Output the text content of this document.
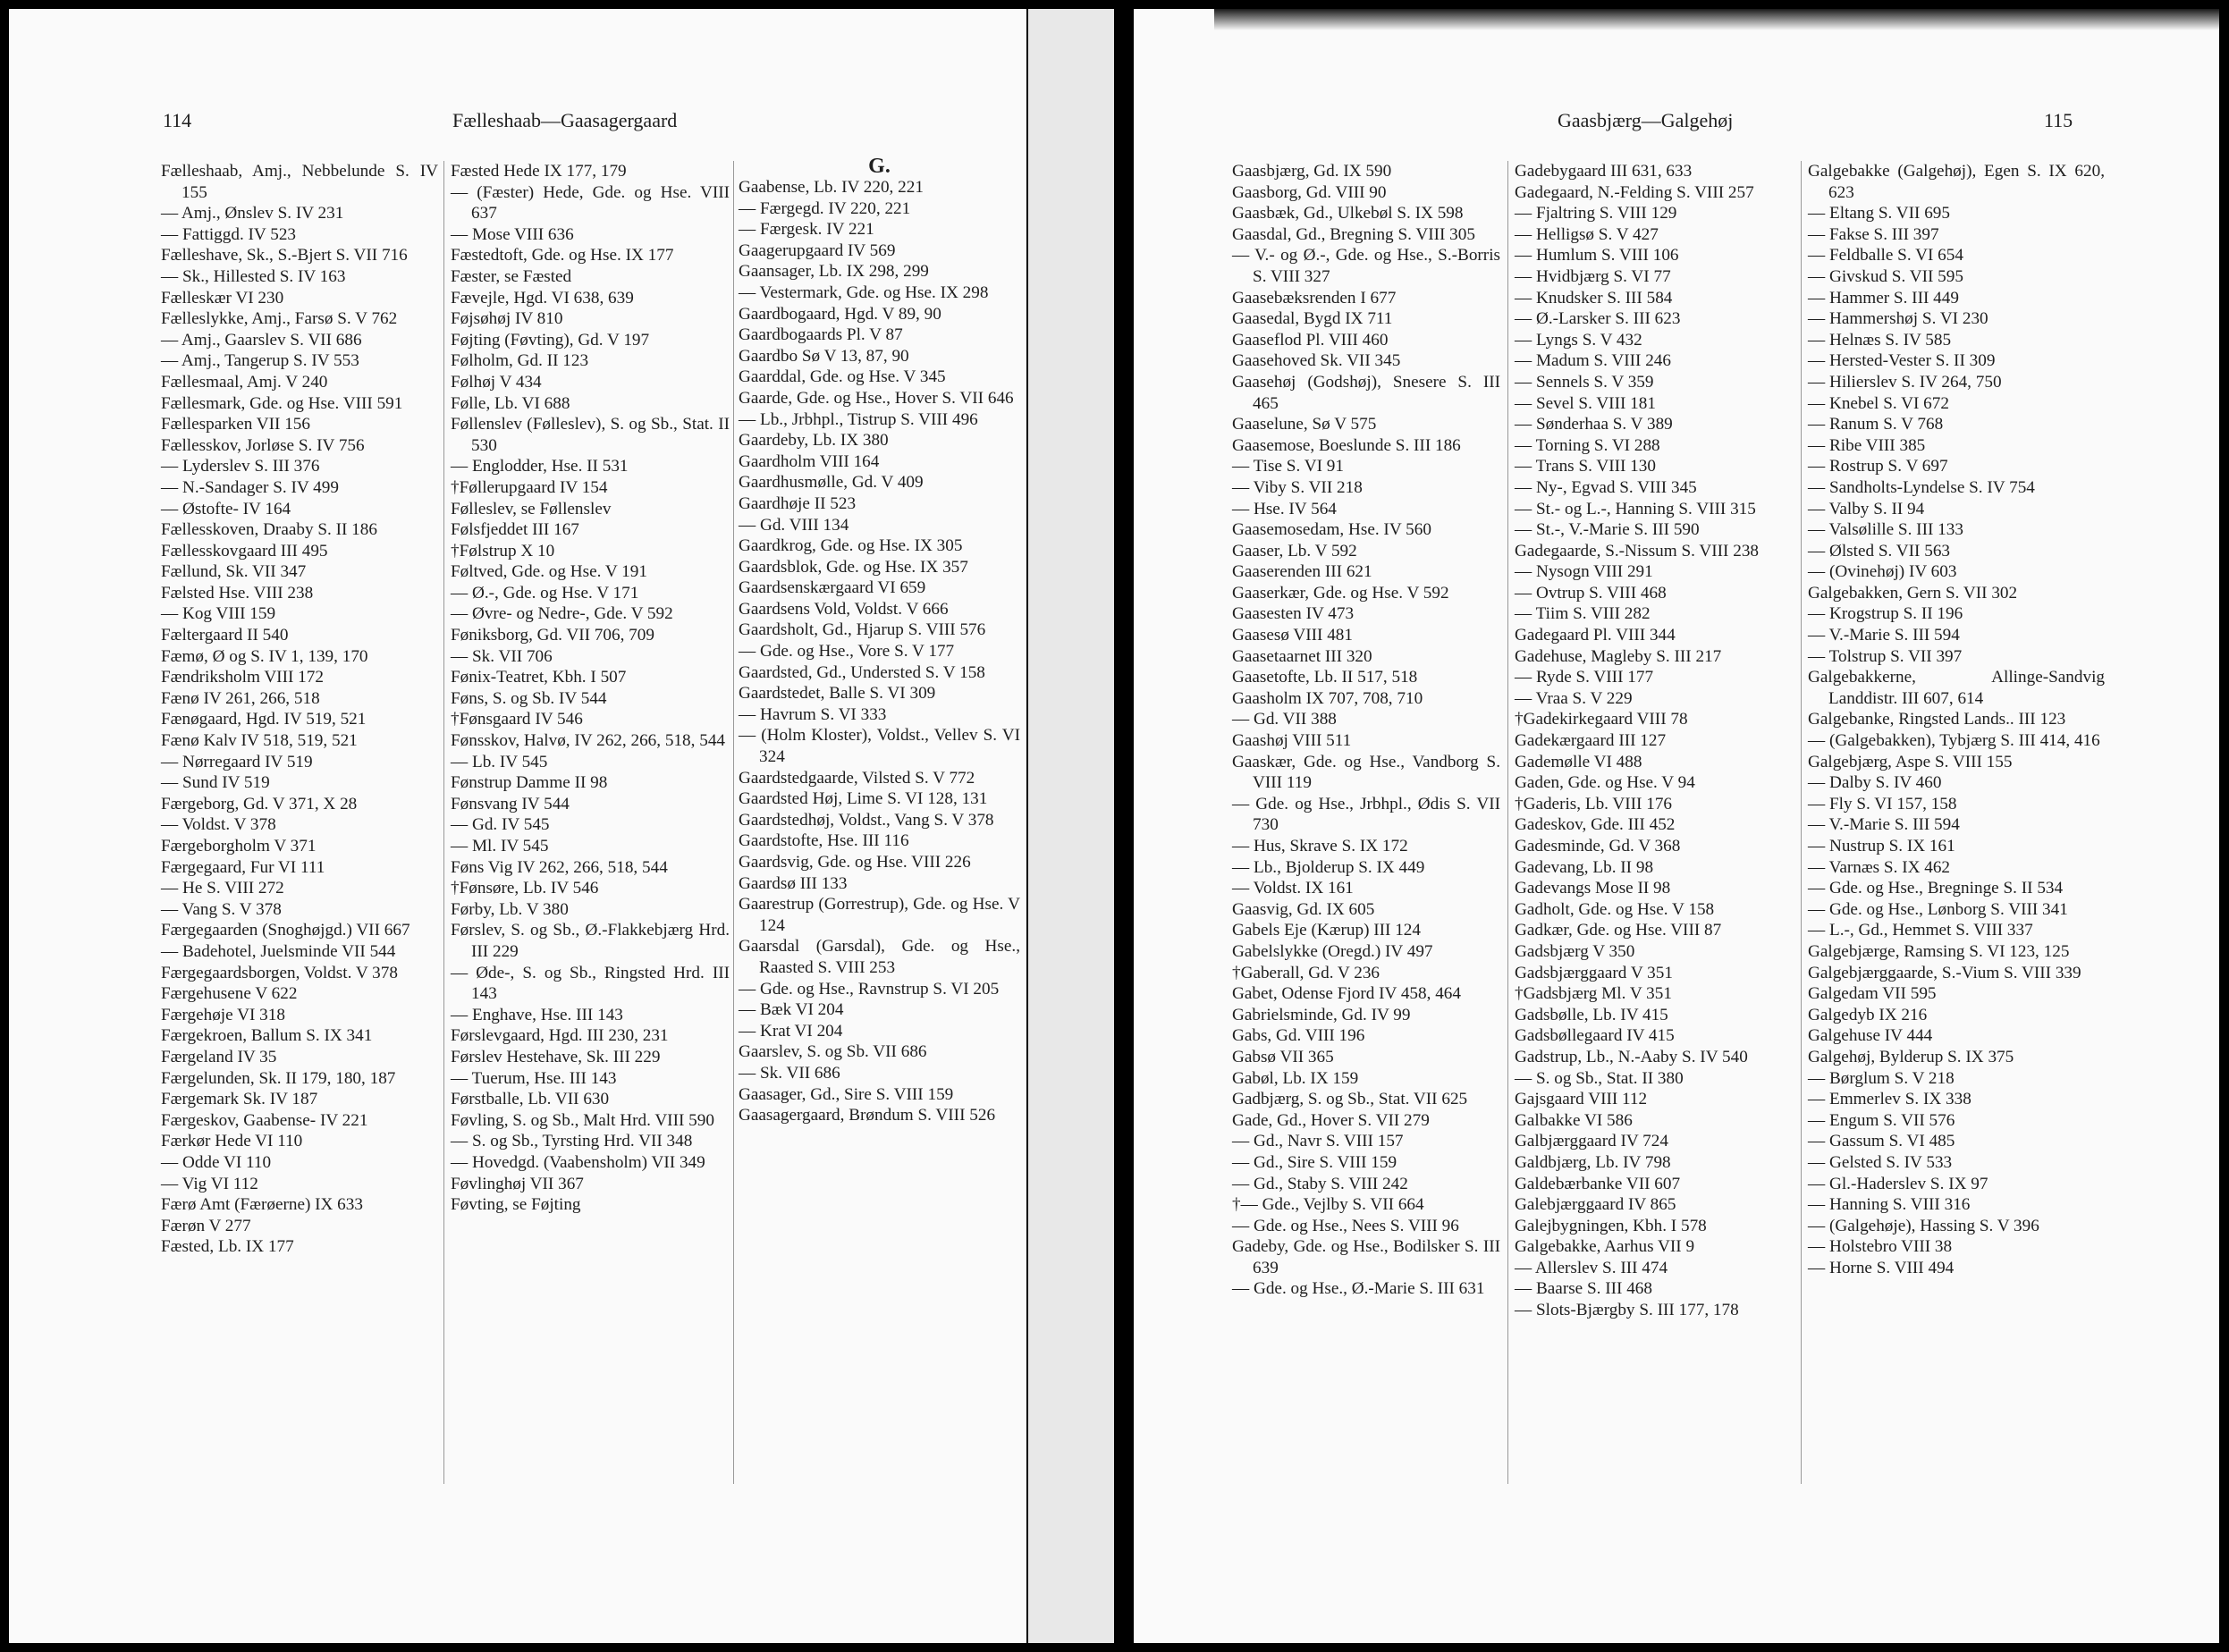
114	Fælleshaab—Gaasagergaard
Fælleshaab, Amj., Nebbelunde S. IV 155
— Amj., Ønslev S. IV 231
— Fattiggd. IV 523
Fælleshave, Sk., S.-Bjert S. VII 716
— Sk., Hillested S. IV 163
Fælleskær VI 230
Fælleslykke, Amj., Farsø S. V 762
— Amj., Gaarslev S. VII 686
— Amj., Tangerup S. IV 553
Fællesmaal, Amj. V 240
Fællesmark, Gde. og Hse. VIII 591
Fællesparken VII 156
Fællesskov, Jorløse S. IV 756
— Lyderslev S. III 376
— N.-Sandager S. IV 499
— Østofte- IV 164
Fællesskoven, Draaby S. II 186
Fællesskovgaard III 495
Fællund, Sk. VII 347
Fælsted Hse. VIII 238
— Kog VIII 159
Fæltergaard II 540
Fæmø, Ø og S. IV 1, 139, 170
Fændriksholm VIII 172
Fænø IV 261, 266, 518
Fænøgaard, Hgd. IV 519, 521
Fænø Kalv IV 518, 519, 521
— Nørregaard IV 519
— Sund IV 519
Færgeborg, Gd. V 371, X 28
— Voldst. V 378
Færgeborgholm V 371
Færgegaard, Fur VI 111
— He S. VIII 272
— Vang S. V 378
Færgegaarden (Snoghøjgd.) VII 667
— Badehotel, Juelsminde VII 544
Færgegaardsborgen, Voldst. V 378
Færgehusene V 622
Færgehøje VI 318
Færgekroen, Ballum S. IX 341
Færgeland IV 35
Færgelunden, Sk. II 179, 180, 187
Færgemark Sk. IV 187
Færgeskov, Gaabense- IV 221
Færkør Hede VI 110
— Odde VI 110
— Vig VI 112
Færø Amt (Færøerne) IX 633
Færøn V 277
Fæsted, Lb. IX 177
Fæsted Hede IX 177, 179
— (Fæster) Hede, Gde. og Hse. VIII 637
— Mose VIII 636
Fæstedtoft, Gde. og Hse. IX 177
Fæster, se Fæsted
Fævejle, Hgd. VI 638, 639
Føjsøhøj IV 810
Føjting (Føvting), Gd. V 197
Følholm, Gd. II 123
Følhøj V 434
Følle, Lb. VI 688
Føllenslev (Følleslev), S. og Sb., Stat. II 530
— Englodder, Hse. II 531
†Føllerupgaard IV 154
Følleslev, se Føllenslev
Følsfjeddet III 167
†Følstrup X 10
Føltved, Gde. og Hse. V 191
— Ø.-, Gde. og Hse. V 171
— Øvre- og Nedre-, Gde. V 592
Føniksborg, Gd. VII 706, 709
— Sk. VII 706
Fønix-Teatret, Kbh. I 507
Føns, S. og Sb. IV 544
†Fønsgaard IV 546
Fønsskov, Halvø, IV 262, 266, 518, 544
— Lb. IV 545
Fønstrup Damme II 98
Fønsvang IV 544
— Gd. IV 545
— Ml. IV 545
Føns Vig IV 262, 266, 518, 544
†Fønsøre, Lb. IV 546
Førby, Lb. V 380
Førslev, S. og Sb., Ø.-Flakkebjærg Hrd. III 229
— Øde-, S. og Sb., Ringsted Hrd. III 143
— Enghave, Hse. III 143
Førslevgaard, Hgd. III 230, 231
Førslev Hestehave, Sk. III 229
— Tuerum, Hse. III 143
Førstballe, Lb. VII 630
Føvling, S. og Sb., Malt Hrd. VIII 590
— S. og Sb., Tyrsting Hrd. VII 348
— Hovedgd. (Vaabensholm) VII 349
Føvlinghøj VII 367
Føvting, se Føjting
G.
Gaabense, Lb. IV 220, 221
— Færgegd. IV 220, 221
— Færgesk. IV 221
Gaagerupgaard IV 569
Gaansager, Lb. IX 298, 299
— Vestermark, Gde. og Hse. IX 298
Gaardbogaard, Hgd. V 89, 90
Gaardbogaards Pl. V 87
Gaardbo Sø V 13, 87, 90
Gaarddal, Gde. og Hse. V 345
Gaarde, Gde. og Hse., Hover S. VII 646
— Lb., Jrbhpl., Tistrup S. VIII 496
Gaardeby, Lb. IX 380
Gaardholm VIII 164
Gaardhusmølle, Gd. V 409
Gaardhøje II 523
— Gd. VIII 134
Gaardkrog, Gde. og Hse. IX 305
Gaardsblok, Gde. og Hse. IX 357
Gaardsenskærgaard VI 659
Gaardsens Vold, Voldst. V 666
Gaardsholt, Gd., Hjarup S. VIII 576
— Gde. og Hse., Vore S. V 177
Gaardsted, Gd., Understed S. V 158
Gaardstedet, Balle S. VI 309
— Havrum S. VI 333
— (Holm Kloster), Voldst., Vellev S. VI 324
Gaardstedgaarde, Vilsted S. V 772
Gaardsted Høj, Lime S. VI 128, 131
Gaardstedhøj, Voldst., Vang S. V 378
Gaardstofte, Hse. III 116
Gaardsvig, Gde. og Hse. VIII 226
Gaardsø III 133
Gaarestrup (Gorrestrup), Gde. og Hse. V 124
Gaarsdal (Garsdal), Gde. og Hse., Raasted S. VIII 253
— Gde. og Hse., Ravnstrup S. VI 205
— Bæk VI 204
— Krat VI 204
Gaarslev, S. og Sb. VII 686
— Sk. VII 686
Gaasager, Gd., Sire S. VIII 159
Gaasagergaard, Brøndum S. VIII 526
Gaasbjærg—Galgehøj	115
Gaasbjærg, Gd. IX 590
Gaasborg, Gd. VIII 90
Gaasbæk, Gd., Ulkebøl S. IX 598
Gaasdal, Gd., Bregning S. VIII 305
— V.- og Ø.-, Gde. og Hse., S.-Borris S. VIII 327
Gaasebæksrenden I 677
Gaasedal, Bygd IX 711
Gaaseflod Pl. VIII 460
Gaasehoved Sk. VII 345
Gaasehøj (Godshøj), Snesere S. III 465
Gaaselune, Sø V 575
Gaasemose, Boeslunde S. III 186
— Tise S. VI 91
— Viby S. VII 218
— Hse. IV 564
Gaasemosedam, Hse. IV 560
Gaaser, Lb. V 592
Gaaserenden III 621
Gaaserkær, Gde. og Hse. V 592
Gaasesten IV 473
Gaasesø VIII 481
Gaasetaarnet III 320
Gaasetofte, Lb. II 517, 518
Gaasholm IX 707, 708, 710
— Gd. VII 388
Gaashøj VIII 511
Gaaskær, Gde. og Hse., Vandborg S. VIII 119
— Gde. og Hse., Jrbhpl., Ødis S. VII 730
— Hus, Skrave S. IX 172
— Lb., Bjolderup S. IX 449
— Voldst. IX 161
Gaasvig, Gd. IX 605
Gabels Eje (Kærup) III 124
Gabelslykke (Oregd.) IV 497
†Gaberall, Gd. V 236
Gabet, Odense Fjord IV 458, 464
Gabrielsminde, Gd. IV 99
Gabs, Gd. VIII 196
Gabsø VII 365
Gabøl, Lb. IX 159
Gadbjærg, S. og Sb., Stat. VII 625
Gade, Gd., Hover S. VII 279
— Gd., Navr S. VIII 157
— Gd., Sire S. VIII 159
— Gd., Staby S. VIII 242
†— Gde., Vejlby S. VII 664
— Gde. og Hse., Nees S. VIII 96
Gadeby, Gde. og Hse., Bodilsker S. III 639
— Gde. og Hse., Ø.-Marie S. III 631
Gadebygaard III 631, 633
Gadegaard, N.-Felding S. VIII 257
— Fjaltring S. VIII 129
— Helligsø S. V 427
— Humlum S. VIII 106
— Hvidbjærg S. VI 77
— Knudsker S. III 584
— Ø.-Larsker S. III 623
— Lyngs S. V 432
— Madum S. VIII 246
— Sennels S. V 359
— Sevel S. VIII 181
— Sønderhaa S. V 389
— Torning S. VI 288
— Trans S. VIII 130
— Ny-, Egvad S. VIII 345
— St.- og L.-, Hanning S. VIII 315
— St.-, V.-Marie S. III 590
Gadegaarde, S.-Nissum S. VIII 238
— Nysogn VIII 291
— Ovtrup S. VIII 468
— Tiim S. VIII 282
Gadegaard Pl. VIII 344
Gadehuse, Magleby S. III 217
— Ryde S. VIII 177
— Vraa S. V 229
†Gadekirkegaard VIII 78
Gadekærgaard III 127
Gademølle VI 488
Gaden, Gde. og Hse. V 94
†Gaderis, Lb. VIII 176
Gadeskov, Gde. III 452
Gadesminde, Gd. V 368
Gadevang, Lb. II 98
Gadevangs Mose II 98
Gadholt, Gde. og Hse. V 158
Gadkær, Gde. og Hse. VIII 87
Gadsbjærg V 350
Gadsbjærggaard V 351
†Gadsbjærg Ml. V 351
Gadsbølle, Lb. IV 415
Gadsbøllegaard IV 415
Gadstrup, Lb., N.-Aaby S. IV 540
— S. og Sb., Stat. II 380
Gajsgaard VIII 112
Galbakke VI 586
Galbjærggaard IV 724
Galdbjærg, Lb. IV 798
Galdebærbanke VII 607
Galebjærggaard IV 865
Galejbygningen, Kbh. I 578
Galgebakke, Aarhus VII 9
— Allerslev S. III 474
— Baarse S. III 468
— Slots-Bjærgby S. III 177, 178
Galgebakke (Galgehøj), Egen S. IX 620, 623
— Eltang S. VII 695
— Fakse S. III 397
— Feldballe S. VI 654
— Givskud S. VII 595
— Hammer S. III 449
— Hammershøj S. VI 230
— Helnæs S. IV 585
— Hersted-Vester S. II 309
— Hilierslev S. IV 264, 750
— Knebel S. VI 672
— Ranum S. V 768
— Ribe VIII 385
— Rostrup S. V 697
— Sandholts-Lyndelse S. IV 754
— Valby S. II 94
— Valsølille S. III 133
— Ølsted S. VII 563
— (Ovinehøj) IV 603
Galgebakken, Gern S. VII 302
— Krogstrup S. II 196
— V.-Marie S. III 594
— Tolstrup S. VII 397
Galgebakkerne, Allinge-Sandvig Landdistr. III 607, 614
Galgebanke, Ringsted Lands.. III 123
— (Galgebakken), Tybjærg S. III 414, 416
Galgebjærg, Aspe S. VIII 155
— Dalby S. IV 460
— Fly S. VI 157, 158
— V.-Marie S. III 594
— Nustrup S. IX 161
— Varnæs S. IX 462
— Gde. og Hse., Bregninge S. II 534
— Gde. og Hse., Lønborg S. VIII 341
— L.-, Gd., Hemmet S. VIII 337
Galgebjærge, Ramsing S. VI 123, 125
Galgebjærggaarde, S.-Vium S. VIII 339
Galgedam VII 595
Galgedyb IX 216
Galgehuse IV 444
Galgehøj, Bylderup S. IX 375
— Børglum S. V 218
— Emmerlev S. IX 338
— Engum S. VII 576
— Gassum S. VI 485
— Gelsted S. IV 533
— Gl.-Haderslev S. IX 97
— Hanning S. VIII 316
— (Galgehøje), Hassing S. V 396
— Holstebro VIII 38
— Horne S. VIII 494
